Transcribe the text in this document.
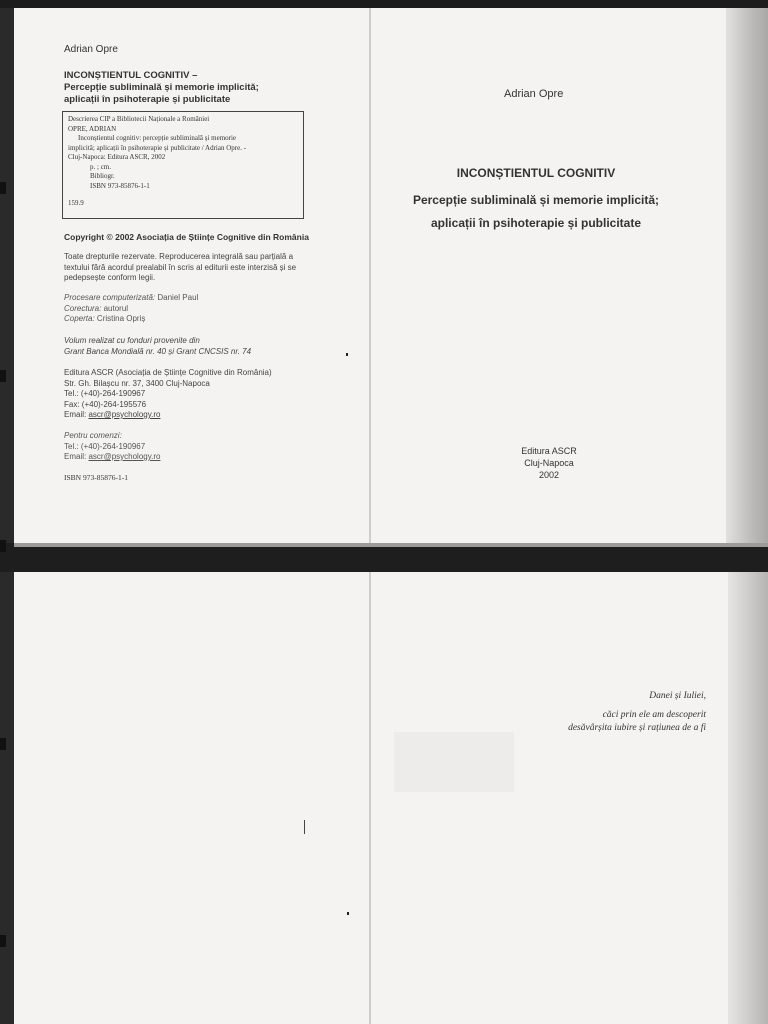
Adrian Opre
INCONȘTIENTUL COGNITIV –
Percepție subliminală și memorie implicită;
aplicații în psihoterapie și publicitate
Descrierea CIP a Bibliotecii Naționale a României
OPRE, ADRIAN
Inconștientul cognitiv: percepție subliminală și memorie
implicită; aplicații în psihoterapie și publicitate / Adrian Opre. -
Cluj-Napoca: Editura ASCR, 2002
p. ; cm.
Bibliogr.
ISBN 973-85876-1-1
159.9
Copyright © 2002 Asociația de Științe Cognitive din România
Toate drepturile rezervate. Reproducerea integrală sau parțială a
textului fără acordul prealabil în scris al editurii este interzisă și se
pedepsește conform legii.
Procesare computerizată: Daniel Paul
Corectura: autorul
Coperta: Cristina Opriș
Volum realizat cu fonduri provenite din
Grant Banca Mondială nr. 40 și Grant CNCSIS nr. 74
Editura ASCR (Asociația de Științe Cognitive din România)
Str. Gh. Bilașcu nr. 37, 3400 Cluj-Napoca
Tel.: (+40)-264-190967
Fax: (+40)-264-195576
Email: ascr@psychology.ro
Pentru comenzi:
Tel.: (+40)-264-190967
Email: ascr@psychology.ro
ISBN 973-85876-1-1
Adrian Opre
INCONȘTIENTUL COGNITIV
Percepție subliminală și memorie implicită;
aplicații în psihoterapie și publicitate
Editura ASCR
Cluj-Napoca
2002
Danei și Iuliei,
căci prin ele am descoperit
desăvârșita iubire și rațiunea de a fi
